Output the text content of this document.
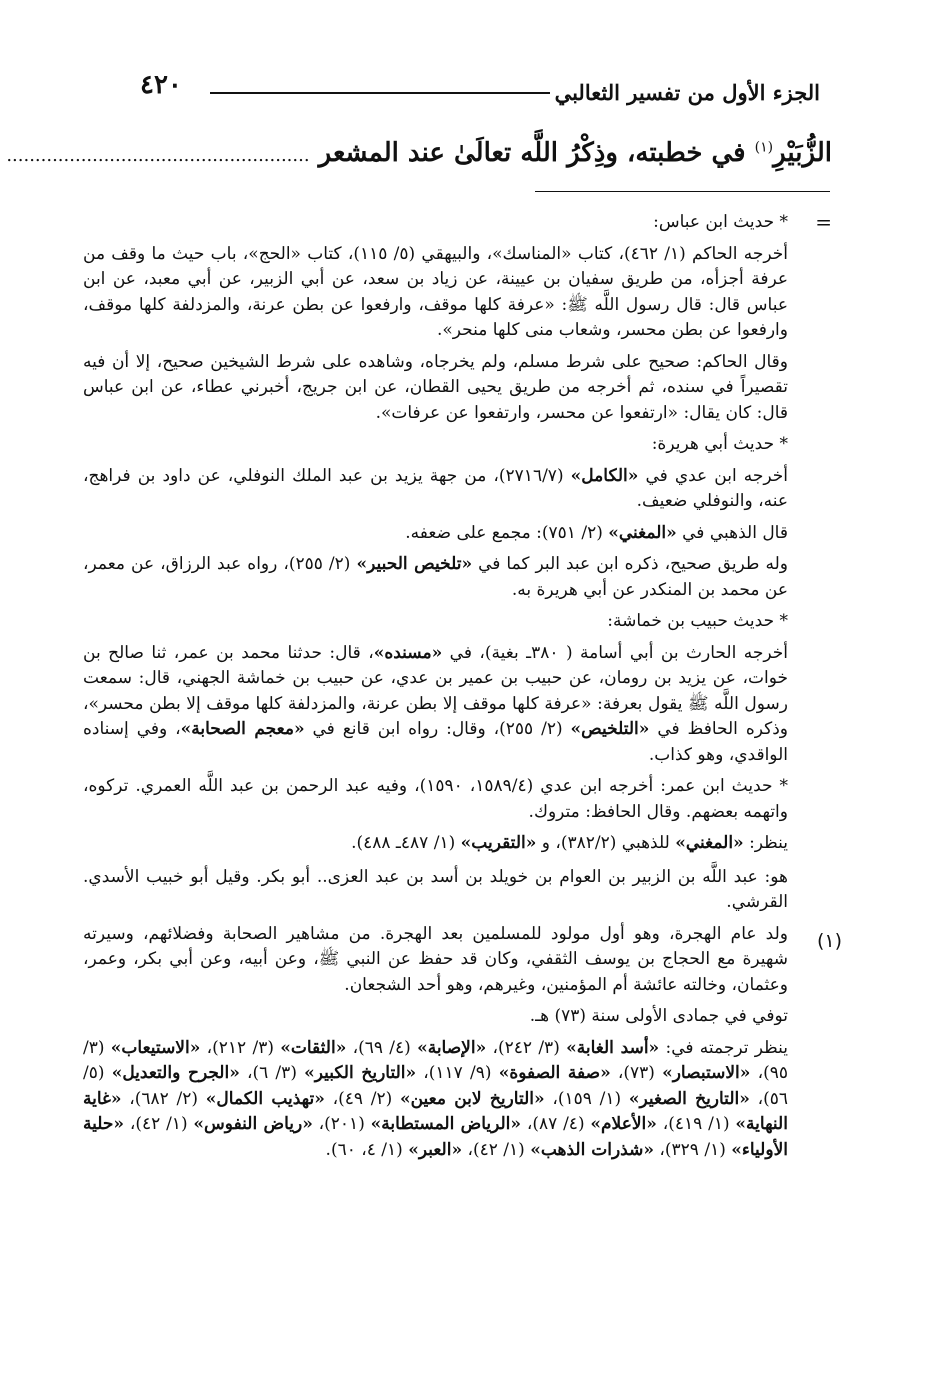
الجزء الأول من تفسير الثعالبي
٤٢٠
الزُّبَيْرِ$^{(١)}$ في خطبته، وذِكْرُ اللَّه تعالَىٰ عند المشعر .....................................................
=
(١)

* حديث ابن عباس:

أخرجه الحاكم (١/ ٤٦٢)، كتاب «المناسك»، والبيهقي (٥/ ١١٥)، كتاب «الحج»، باب حيث ما وقف من عرفة أجزأه، من طريق سفيان بن عيينة، عن زياد بن سعد، عن أبي الزبير، عن أبي معبد، عن ابن عباس قال: قال رسول اللَّه ﷺ: «عرفة كلها موقف، وارفعوا عن بطن عرنة، والمزدلفة كلها موقف، وارفعوا عن بطن محسر، وشعاب منى كلها منحر».

وقال الحاكم: صحيح على شرط مسلم، ولم يخرجاه، وشاهده على شرط الشيخين صحيح، إلا أن فيه تقصيراً في سنده، ثم أخرجه من طريق يحيى القطان، عن ابن جريج، أخبرني عطاء، عن ابن عباس قال: كان يقال: «ارتفعوا عن محسر، وارتفعوا عن عرفات».

* حديث أبي هريرة:

أخرجه ابن عدي في «الكامل» (٢٧١٦/٧)، من جهة يزيد بن عبد الملك النوفلي، عن داود بن فراهج، عنه، والنوفلي ضعيف.

قال الذهبي في «المغني» (٢/ ٧٥١): مجمع على ضعفه.

وله طريق صحيح، ذكره ابن عبد البر كما في «تلخيص الحبير» (٢/ ٢٥٥)، رواه عبد الرزاق، عن معمر، عن محمد بن المنكدر عن أبي هريرة به.

* حديث حبيب بن خماشة:

أخرجه الحارث بن أبي أسامة ( ٣٨٠ـ بغية)، في «مسنده»، قال: حدثنا محمد بن عمر، ثنا صالح بن خوات، عن يزيد بن رومان، عن حبيب بن عمير بن عدي، عن حبيب بن خماشة الجهني، قال: سمعت رسول اللَّه ﷺ يقول بعرفة: «عرفة كلها موقف إلا بطن عرنة، والمزدلفة كلها موقف إلا بطن محسر»، وذكره الحافظ في «التلخيص» (٢/ ٢٥٥)، وقال: رواه ابن قانع في «معجم الصحابة»، وفي إسناده الواقدي، وهو كذاب.

* حديث ابن عمر: أخرجه ابن عدي (١٥٨٩/٤، ١٥٩٠)، وفيه عبد الرحمن بن عبد اللَّه العمري. تركوه، واتهمه بعضهم. وقال الحافظ: متروك.

ينظر: «المغني» للذهبي (٣٨٢/٢)، و «التقريب» (١/ ٤٨٧ـ ٤٨٨).

هو: عبد اللَّه بن الزبير بن العوام بن خويلد بن أسد بن عبد العزى.. أبو بكر. وقيل أبو خبيب الأسدي. القرشي.

ولد عام الهجرة، وهو أول مولود للمسلمين بعد الهجرة. من مشاهير الصحابة وفضلائهم، وسيرته شهيرة مع الحجاج بن يوسف الثقفي، وكان قد حفظ عن النبي ﷺ، وعن أبيه، وعن أبي بكر، وعمر، وعثمان، وخالته عائشة أم المؤمنين، وغيرهم، وهو أحد الشجعان.

توفي في جمادى الأولى سنة (٧٣) هـ.

ينظر ترجمته في: «أسد الغابة» (٣/ ٢٤٢)، «الإصابة» (٤/ ٦٩)، «الثقات» (٣/ ٢١٢)، «الاستيعاب» (٣/ ٩٥)، «الاستبصار» (٧٣)، «صفة الصفوة» (٩/ ١١٧)، «التاريخ الكبير» (٣/ ٦)، «الجرح والتعديل» (٥/ ٥٦)، «التاريخ الصغير» (١/ ١٥٩)، «التاريخ لابن معين» (٢/ ٤٩)، «تهذيب الكمال» (٢/ ٦٨٢)، «غاية النهاية» (١/ ٤١٩)، «الأعلام» (٤/ ٨٧)، «الرياض المستطابة» (٢٠١)، «رياض النفوس» (١/ ٤٢)، «حلية الأولياء» (١/ ٣٢٩)، «شذرات الذهب» (١/ ٤٢)، «العبر» (١/ ٤، ٦٠).
